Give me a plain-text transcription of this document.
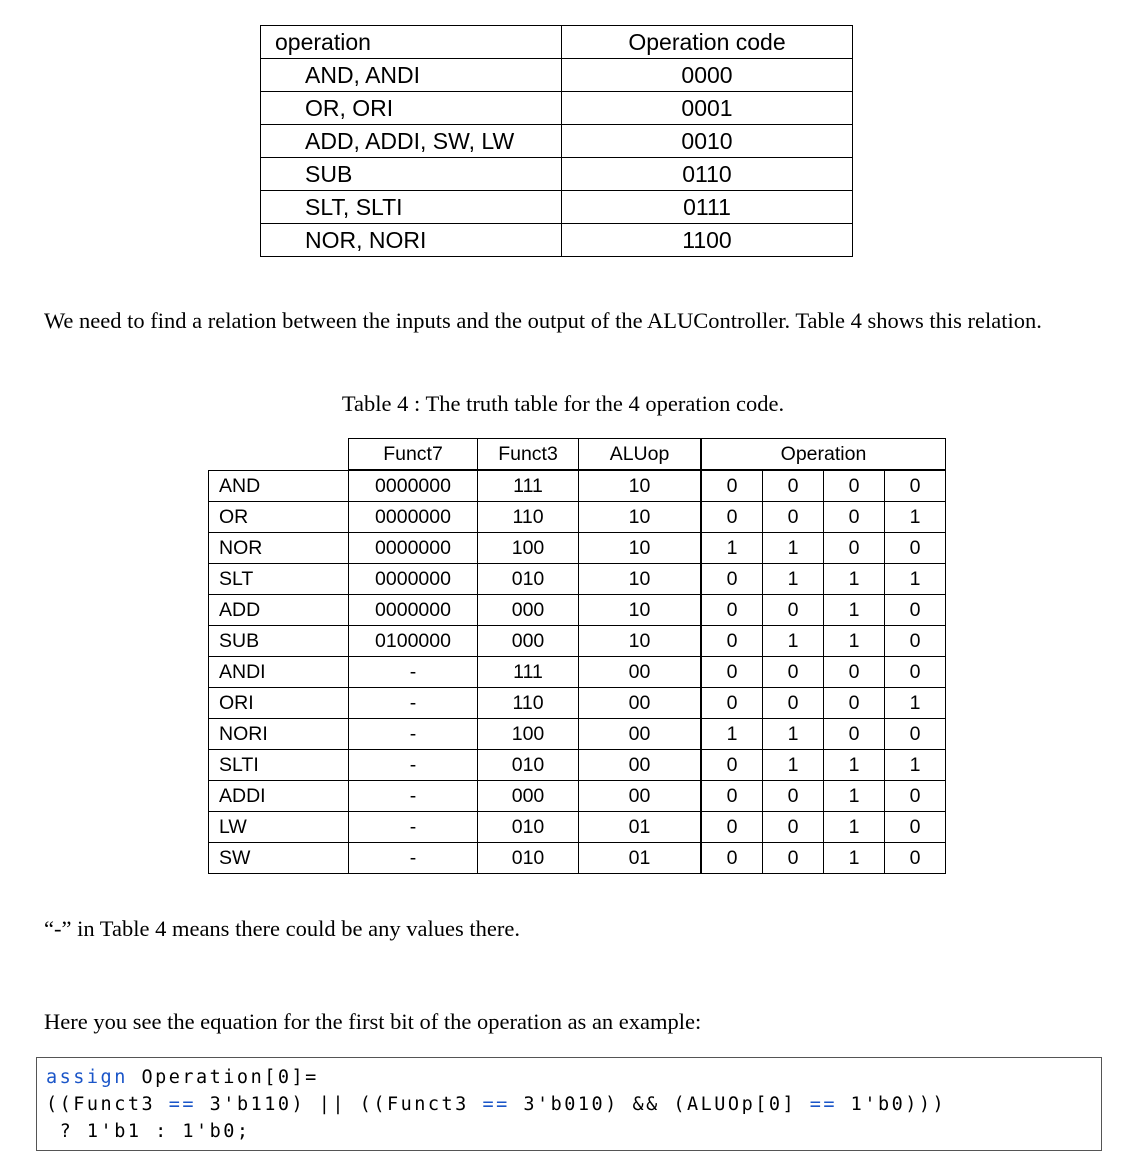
operation	Operation code
AND, ANDI	0000
OR, ORI	0001
ADD, ADDI, SW, LW	0010
SUB	0110
SLT, SLTI	0111
NOR, NORI	1100

We need to find a relation between the inputs and the output of the ALUController. Table 4 shows this relation.

Table 4 : The truth table for the 4 operation code.
	Funct7	Funct3	ALUop	Operation			
AND	0000000	111	10	0	0	0	0
OR	0000000	110	10	0	0	0	1
NOR	0000000	100	10	1	1	0	0
SLT	0000000	010	10	0	1	1	1
ADD	0000000	000	10	0	0	1	0
SUB	0100000	000	10	0	1	1	0
ANDI	-	111	00	0	0	0	0
ORI	-	110	00	0	0	0	1
NORI	-	100	00	1	1	0	0
SLTI	-	010	00	0	1	1	1
ADDI	-	000	00	0	0	1	0
LW	-	010	01	0	0	1	0
SW	-	010	01	0	0	1	0

“-” in Table 4 means there could be any values there.

Here you see the equation for the first bit of the operation as an example:

assign Operation[0]=
((Funct3 == 3'b110) || ((Funct3 == 3'b010) && (ALUOp[0] == 1'b0)))
? 1'b1 : 1'b0;
